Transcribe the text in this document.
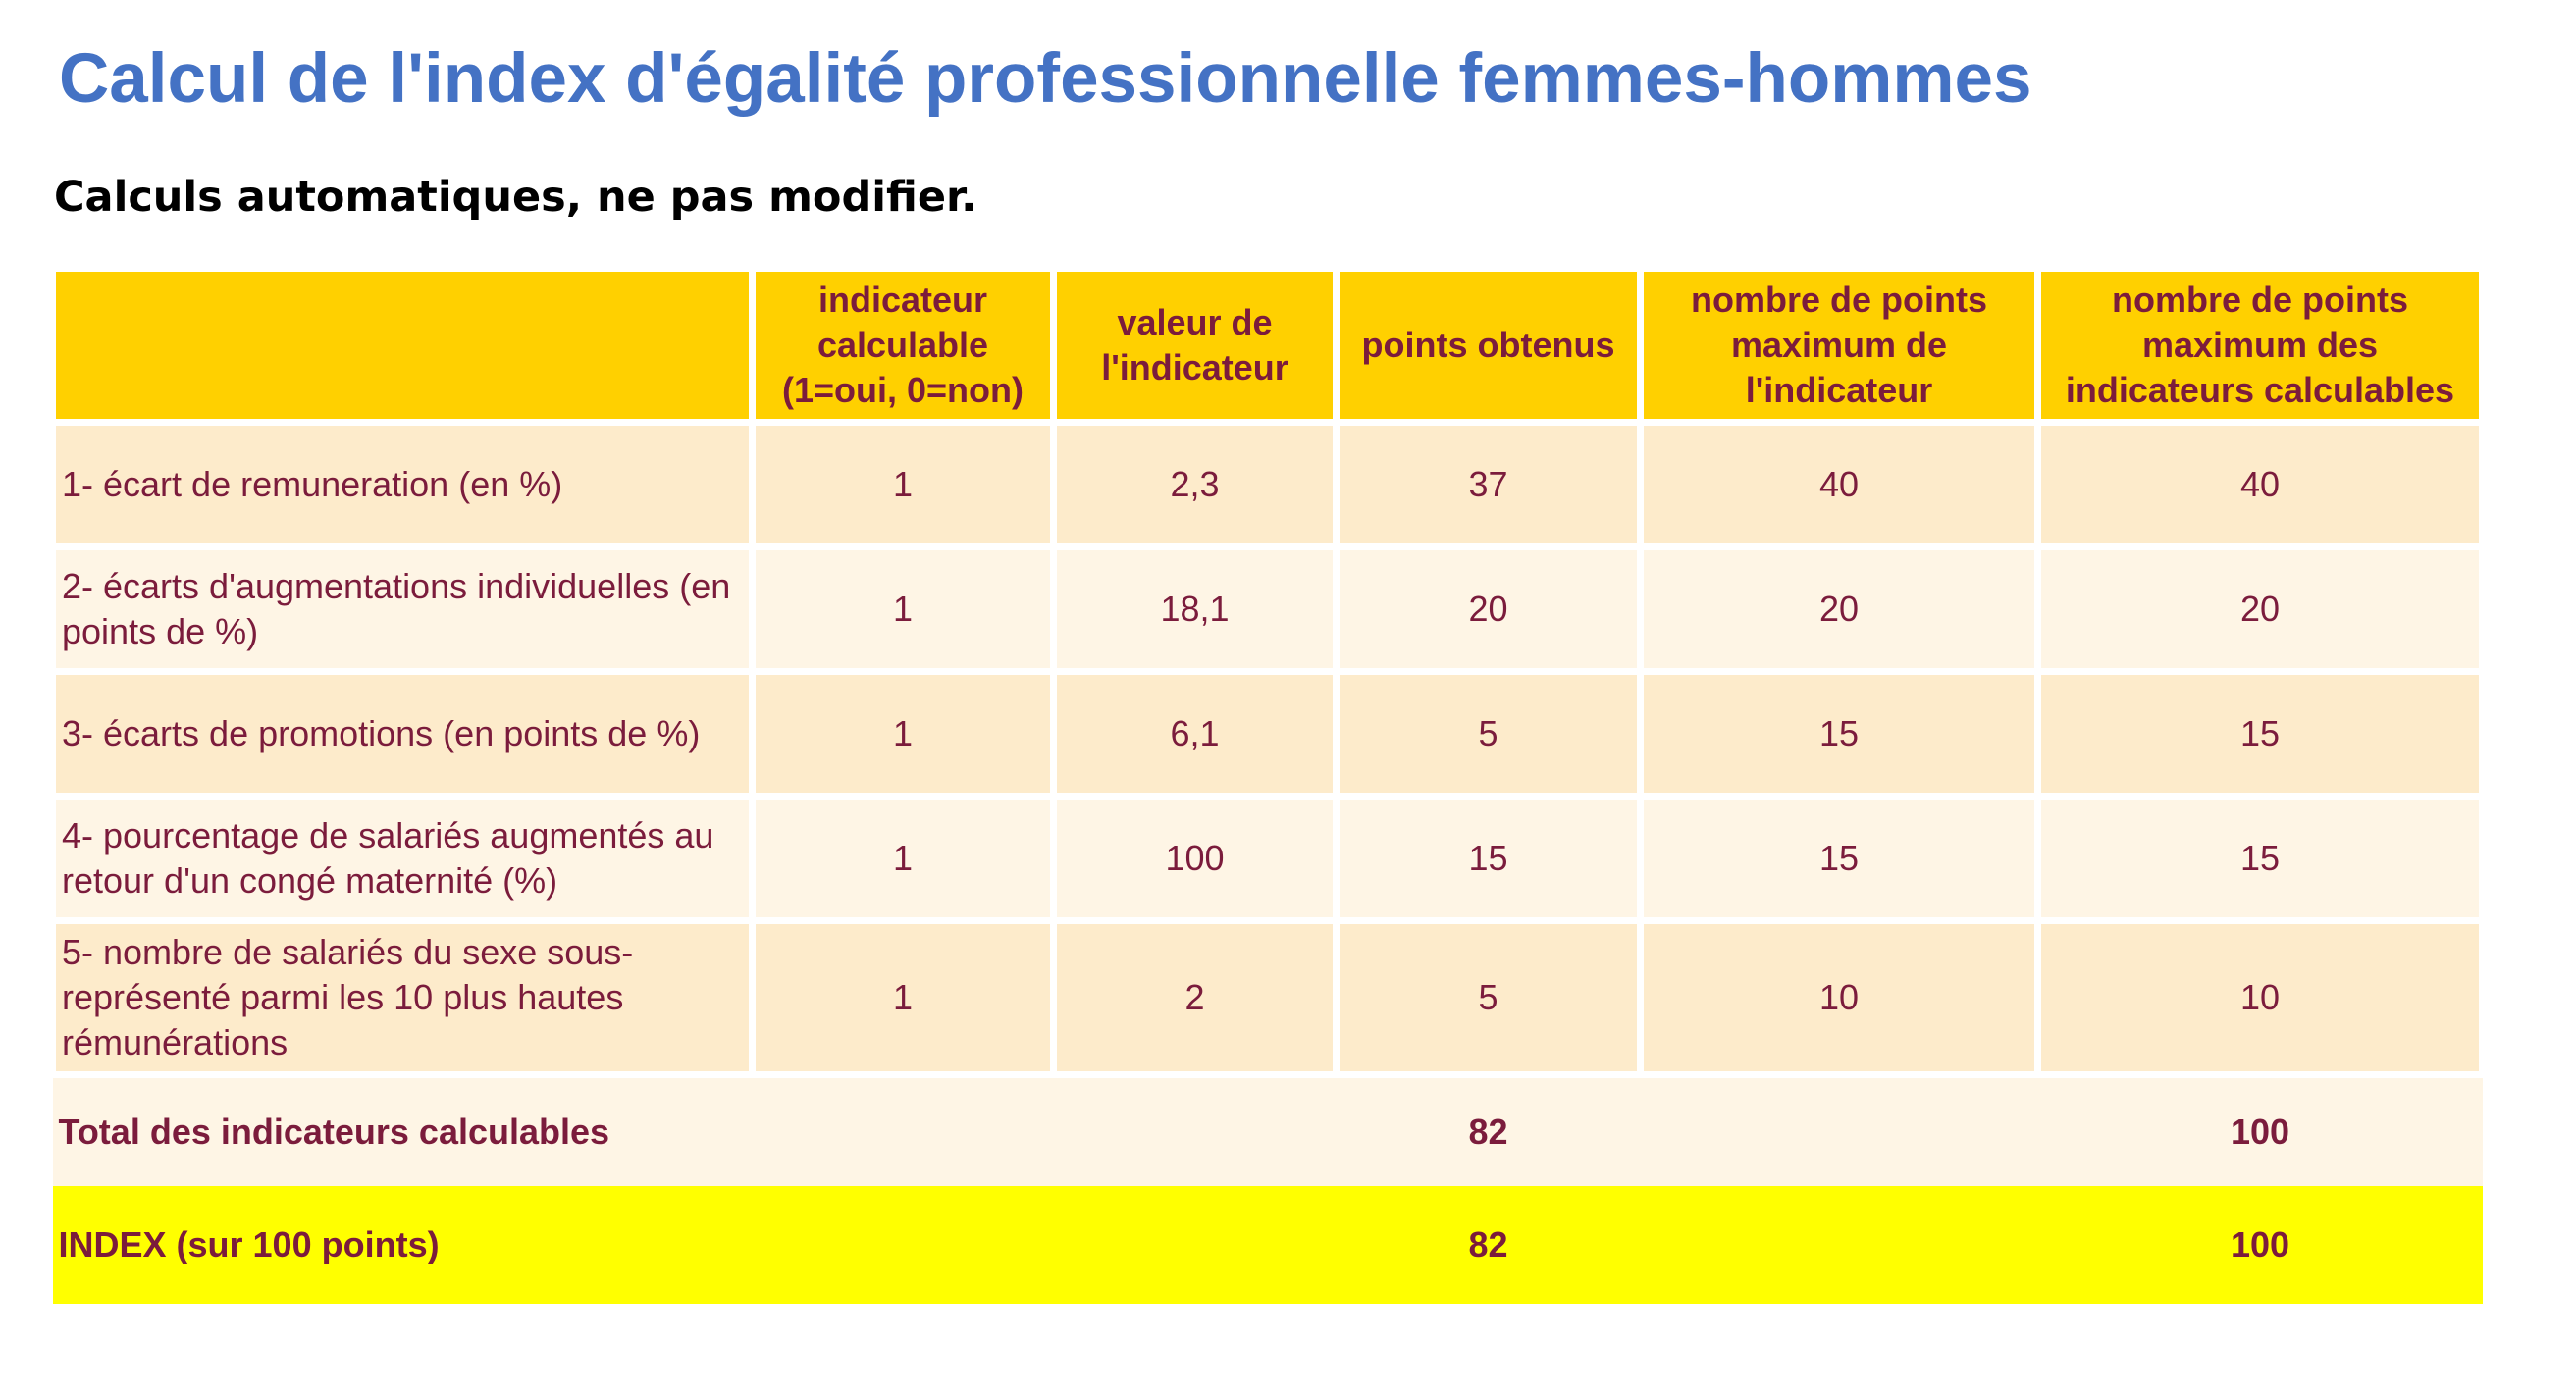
Calcul de l'index d'égalité professionnelle femmes-hommes
Calculs automatiques, ne pas modifier.
	indicateur calculable (1=oui, 0=non)	valeur de l'indicateur	points obtenus	nombre de points maximum de l'indicateur	nombre de points maximum des indicateurs calculables
1- écart de remuneration (en %)	1	2,3	37	40	40
2- écarts d'augmentations individuelles (en points de %)	1	18,1	20	20	20
3- écarts de promotions (en points de %)	1	6,1	5	15	15
4- pourcentage de salariés augmentés au retour d'un congé maternité (%)	1	100	15	15	15
5- nombre de salariés du sexe sous-représenté parmi les 10 plus hautes rémunérations	1	2	5	10	10
Total des indicateurs calculables			82		100
INDEX (sur 100 points)			82		100
